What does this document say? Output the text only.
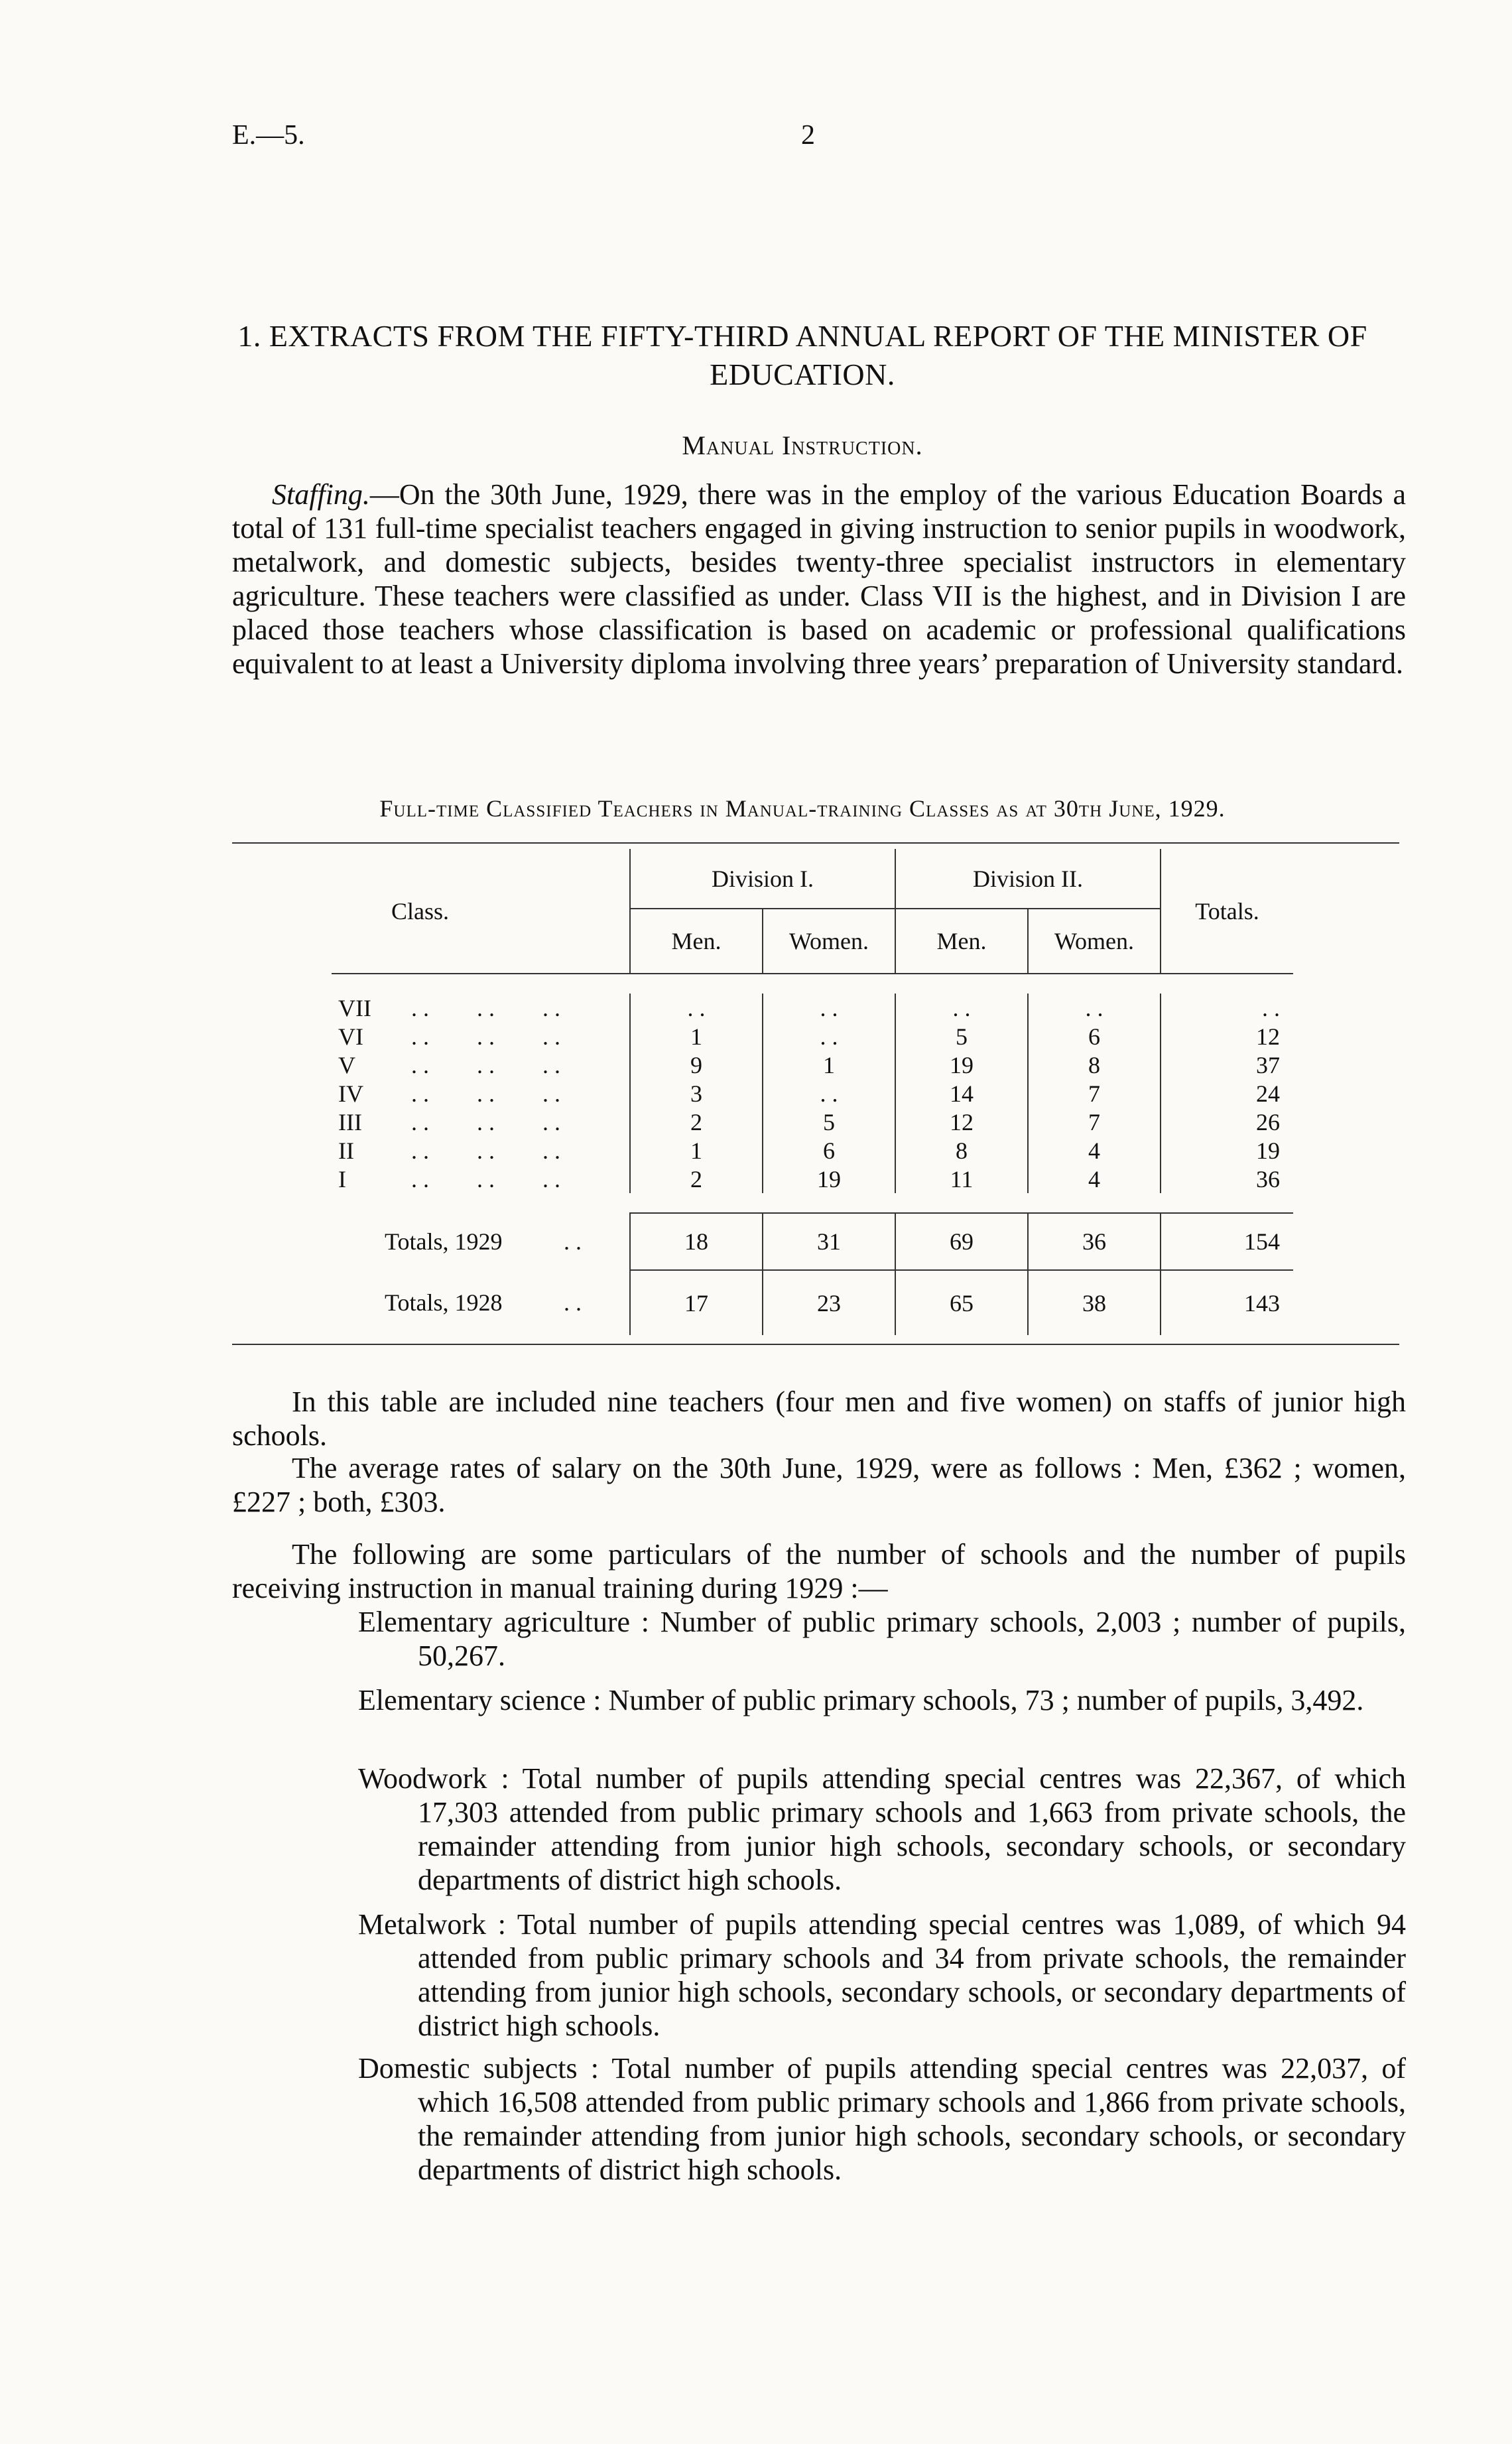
E.—5.	2
1. EXTRACTS FROM THE FIFTY-THIRD ANNUAL REPORT OF THE MINISTER OF EDUCATION.
Manual Instruction.

Staffing.—On the 30th June, 1929, there was in the employ of the various Education Boards a total of 131 full-time specialist teachers engaged in giving instruction to senior pupils in woodwork, metalwork, and domestic subjects, besides twenty-three specialist instructors in elementary agriculture. These teachers were classified as under. Class VII is the highest, and in Division I are placed those teachers whose classification is based on academic or professional qualifications equivalent to at least a University diploma involving three years’ preparation of University standard.

Full-time Classified Teachers in Manual-training Classes as at 30th June, 1929.
Class.	Division I.		Division II.		Totals.
	Men.	Women.	Men.	Women.	

VII . .        . .        . .	. .	. .	. .	. .	. .
VI . .        . .        . .	1	. .	5	6	12
V . .        . .        . .	9	1	19	8	37
IV . .        . .        . .	3	. .	14	7	24
III . .        . .        . .	2	5	12	7	26
II . .        . .        . .	1	6	8	4	19
I . .        . .        . .	2	19	11	4	36

Totals, 1929 . .	18	31	69	36	154
Totals, 1928 . .	17	23	65	38	143

In this table are included nine teachers (four men and five women) on staffs of junior high schools.

The average rates of salary on the 30th June, 1929, were as follows : Men, £362 ; women, £227 ; both, £303.

The following are some particulars of the number of schools and the number of pupils receiving instruction in manual training during 1929 :—

Elementary agriculture : Number of public primary schools, 2,003 ; number of pupils, 50,267.

Elementary science : Number of public primary schools, 73 ; number of pupils, 3,492.

Woodwork : Total number of pupils attending special centres was 22,367, of which 17,303 attended from public primary schools and 1,663 from private schools, the remainder attending from junior high schools, secondary schools, or secondary departments of district high schools.

Metalwork : Total number of pupils attending special centres was 1,089, of which 94 attended from public primary schools and 34 from private schools, the remainder attending from junior high schools, secondary schools, or secondary departments of district high schools.

Domestic subjects : Total number of pupils attending special centres was 22,037, of which 16,508 attended from public primary schools and 1,866 from private schools, the remainder attending from junior high schools, secondary schools, or secondary departments of district high schools.
